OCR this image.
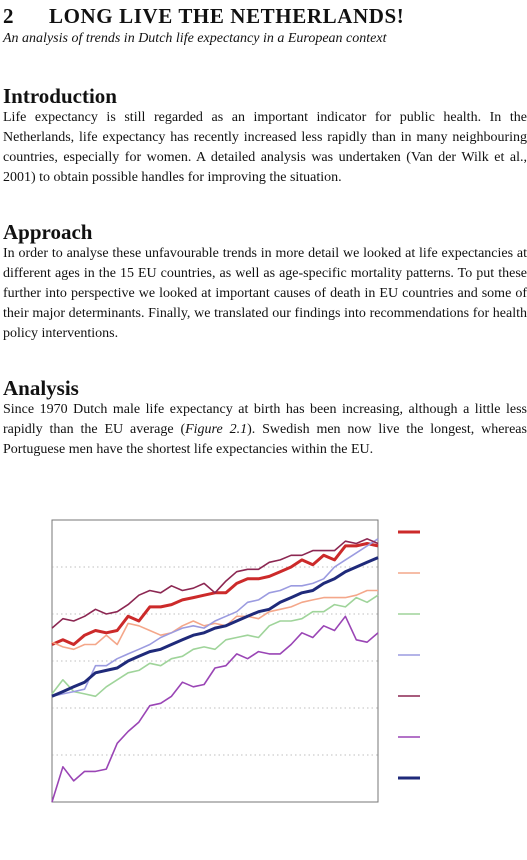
2 LONG LIVE THE NETHERLANDS!
An analysis of trends in Dutch life expectancy in a European context
Introduction

Life expectancy is still regarded as an important indicator for public health. In the Netherlands, life expectancy has recently increased less rapidly than in many neighbouring countries, especially for women. A detailed analysis was undertaken (Van der Wilk et al., 2001) to obtain possible handles for improving the situation.

Approach

In order to analyse these unfavourable trends in more detail we looked at life expectancies at different ages in the 15 EU countries, as well as age-specific mortality patterns. To put these further into perspective we looked at important causes of death in EU countries and some of their major determinants. Finally, we translated our findings into recommendations for health policy interventions.

Analysis

Since 1970 Dutch male life expectancy at birth has been increasing, although a little less rapidly than the EU average (Figure 2.1). Swedish men now live the longest, whereas Portuguese men have the shortest life expectancies within the EU.
